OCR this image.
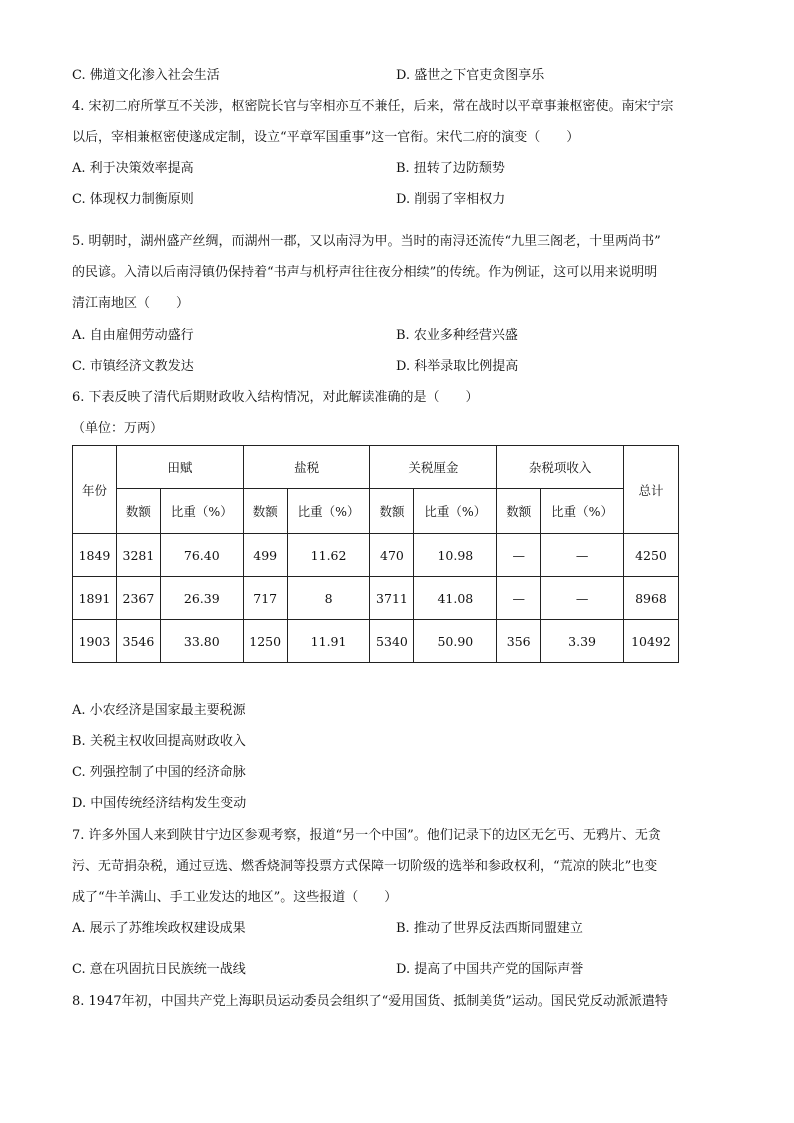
C. 佛道文化渗入社会生活	D. 盛世之下官吏贪图享乐
4. 宋初二府所掌互不关涉，枢密院长官与宰相亦互不兼任，后来，常在战时以平章事兼枢密使。南宋宁宗
以后，宰相兼枢密使遂成定制，设立“平章军国重事”这一官衔。宋代二府的演变（　　）
A. 利于决策效率提高	B. 扭转了边防颓势
C. 体现权力制衡原则	D. 削弱了宰相权力
5. 明朝时，湖州盛产丝绸，而湖州一郡，又以南浔为甲。当时的南浔还流传“九里三阁老，十里两尚书”
的民谚。入清以后南浔镇仍保持着“书声与机杼声往往夜分相续”的传统。作为例证，这可以用来说明明
清江南地区（　　）
A. 自由雇佣劳动盛行	B. 农业多种经营兴盛
C. 市镇经济文教发达	D. 科举录取比例提高
6. 下表反映了清代后期财政收入结构情况，对此解读准确的是（　　）
（单位：万两）
年份	田赋		盐税		关税厘金		杂税项收入		总计
	数额	比重（%）	数额	比重（%）	数额	比重（%）	数额	比重（%）	
1849	3281	76.40	499	11.62	470	10.98	—	—	4250
1891	2367	26.39	717	8	3711	41.08	—	—	8968
1903	3546	33.80	1250	11.91	5340	50.90	356	3.39	10492
A. 小农经济是国家最主要税源
B. 关税主权收回提高财政收入
C. 列强控制了中国的经济命脉
D. 中国传统经济结构发生变动
7. 许多外国人来到陕甘宁边区参观考察，报道“另一个中国”。他们记录下的边区无乞丐、无鸦片、无贪
污、无苛捐杂税，通过豆选、燃香烧洞等投票方式保障一切阶级的选举和参政权利，“荒凉的陕北”也变
成了“牛羊满山、手工业发达的地区”。这些报道（　　）
A. 展示了苏维埃政权建设成果	B. 推动了世界反法西斯同盟建立
C. 意在巩固抗日民族统一战线	D. 提高了中国共产党的国际声誉
8. 1947年初，中国共产党上海职员运动委员会组织了“爱用国货、抵制美货”运动。国民党反动派派遣特
